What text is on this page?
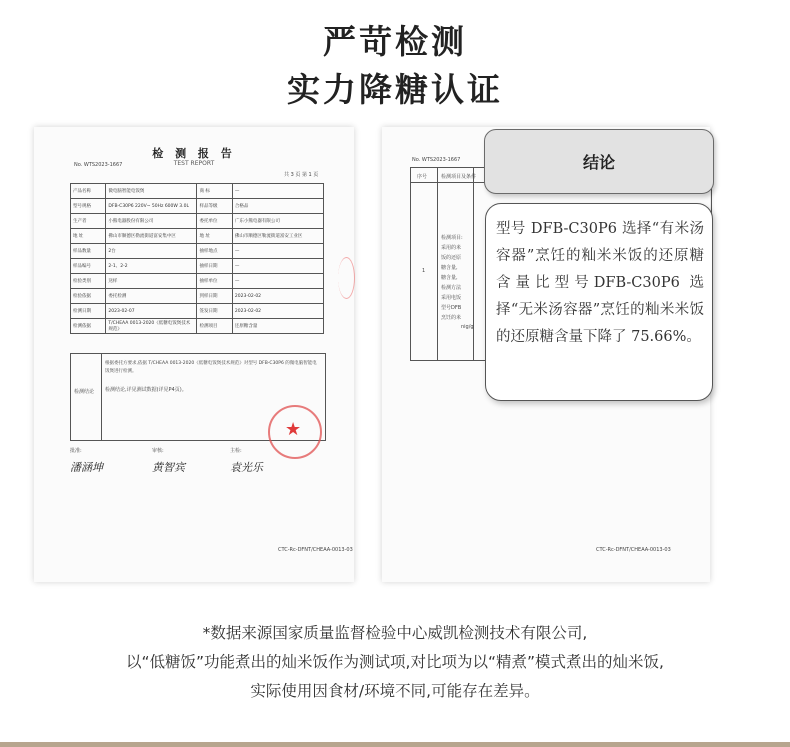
严苛检测
实力降糖认证
No. WTS2023-1667
检 测 报 告
TEST REPORT
共 3 页 第 1 页
产品名称	微电脑智能电饭煲	商 标	—
型号规格	DFB-C30P6 220V~ 50Hz 600W 3.0L	样品等级	合格品
生产者	小熊电器股份有限公司	委托单位	广东小熊电器有限公司
地 址	佛山市顺德区勒流街道富安集中区	地 址	佛山市顺德区勒流街道富安工业区
样品数量	2台	抽样地点	—
样品编号	2-1、2-2	抽样日期	—
检验类别	送样	抽样单位	—
检验依据	委托检测	到样日期	2023-02-02
检测日期	2023-02-07	签发日期	2023-02-02
检测依据	T/CHEAA 0013-2020《低糖电饭煲技术规范》	检测项目	还原糖含量
检测结论
根据委托方要求,依据 T/CHEAA 0013-2020《低糖电饭煲技术规范》对型号 DFB-C30P6 的微电脑智能电饭煲进行检测。
检测结论,详见测试数据(详见P4页)。
★
批准:	审核:	主检:
潘涵坤	黄智宾	袁光乐
CTC-Rc-DFNT/CHEAA-0013-03
No. WTS2023-1667
序号	检测项目及条件
1
检测项目:
采用的米
饭的还原
糖含量,
糖含量,
检测方法
采用电饭
型号DFB
烹饪的米
nig/g
CTC-Rc-DFNT/CHEAA-0013-03
结论
型号 DFB-C30P6 选择“有米汤容器”烹饪的籼米米饭的还原糖含量比型号DFB-C30P6 选择“无米汤容器”烹饪的籼米米饭的还原糖含量下降了 75.66%。
*数据来源国家质量监督检验中心威凯检测技术有限公司,
以“低糖饭”功能煮出的灿米饭作为测试项,对比项为以“精煮”模式煮出的灿米饭,
实际使用因食材/环境不同,可能存在差异。
